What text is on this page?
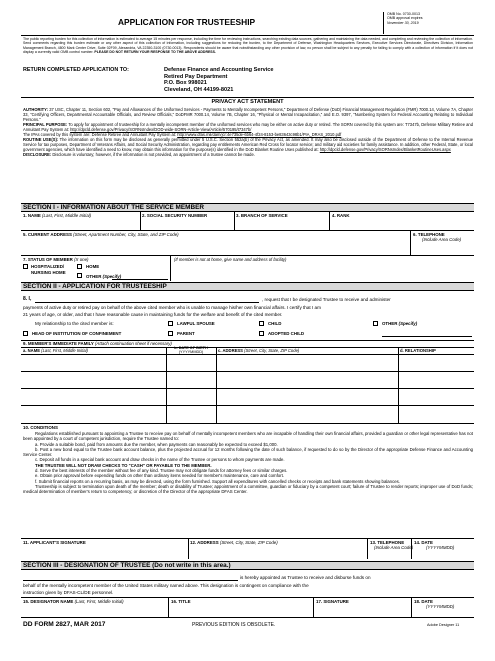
APPLICATION FOR TRUSTEESHIP
OMB No. 0730-0013
OMB approval expires
November 30, 2019
The public reporting burden for this collection of information is estimated to average 15 minutes per response, including the time for reviewing instructions, searching existing data sources, gathering and maintaining the data needed, and completing and reviewing the collection of information. Send comments regarding this burden estimate or any other aspect of this collection of information, including suggestions for reducing the burden, to the Department of Defense, Washington Headquarters Services, Executive Services Directorate, Directives Division, Information Management Branch, 4800 Mark Center Drive, Suite 02F09, Alexandria, VA 22350-3100 (0730-0013). Respondents should be aware that notwithstanding any other provision of law, no person shall be subject to any penalty for failing to comply with a collection of information if it does not display a currently valid OMB control number. PLEASE DO NOT RETURN YOUR RESPONSE TO THE ABOVE ADDRESS.
RETURN COMPLETED APPLICATION TO:	Defense Finance and Accounting Service
Retired Pay Department
P.O. Box 998021
Cleveland, OH 44199-8021
PRIVACY ACT STATEMENT
AUTHORITY: 37 USC, Chapter 11, Section 602, "Pay and Allowances of the Uniformed Services - Payments to Mentally Incompetent Persons," Department of Defense (DoD) Financial Management Regulation (FMR) 7000.14, Volume 7A, Chapter 33, "Certifying Officers, Departmental Accountable Officials, and Review Officials," DoDFMR 7000.14, Volume 7B, Chapter 16, "Physical or Mental Incapacitation," and E.O. 9397, "Numbering System for Federal Accounting Relating to Individual Persons."
PRINCIPAL PURPOSE: To apply for appointment of trusteeship for a mentally incompetent member of the uniformed services who may be either on active duty or retired. The SORN covered by this system are: T7347b, Defense Military Retiree and Annuitant Pay System at: http://dpcld.defense.gov/Privacy/SORNsIndex/DOD-wide-SORN-Article-View/Article/570195/t7347b/
The IPAs covered by this system are: Defense Retiree and Annuitant Pay System at: http://www.dfas.mil/dam/jcr:4e735de-6b64-4f24-8153-be83643c98b1/PIA_DRAS_2010.pdf
ROUTINE USE(S): The information on this form may be disclosed as generally permitted under 5 U.S.C. Section 552a(b) of the Privacy Act, as amended. It may also be disclosed outside of the Department of Defense to the Internal Revenue Service for tax purposes, Department of Veterans Affairs, and Social Security Administration, regarding pay entitlements American Red Cross for locator service; and military aid societies for family assistance. In addition, other Federal, State, or local government agencies, which have identified a need to know, may obtain this information for the purpose(s) identified in the DoD Blanket Routine Uses published at: http://dpcld.defense.gov/Privacy/SORNsIndex/BlanketRoutineUses.aspx
DISCLOSURE: Disclosure is voluntary; however, if the information is not provided, an appointment of a trustee cannot be made.
SECTION I - INFORMATION ABOUT THE SERVICE MEMBER
1. NAME (Last, First, Middle Initial)	2. SOCIAL SECURITY NUMBER	3. BRANCH OF SERVICE	4. RANK
5. CURRENT ADDRESS (Street, Apartment Number, City, State, and ZIP Code)	6. TELEPHONE
(Include Area Code)
7. STATUS OF MEMBER (X one)	(If member is not at home, give name and address of facility)
HOSPITALIZED/
NURSING HOME
HOME
OTHER (Specify)
SECTION II - APPLICATION FOR TRUSTEESHIP
8. I,	, request that I be designated Trustee to receive and administer
payments of active duty or retired pay on behalf of the above cited member who is unable to manage his/her own financial affairs. I certify that I am
21 years of age, or older, and that I have reasonable cause in maintaining funds for the welfare and benefit of the cited member.
My relationship to the cited member is:	LAWFUL SPOUSE	CHILD	OTHER (Specify)
HEAD OF INSTITUTION OF CONFINEMENT	PARENT	ADOPTED CHILD
9. MEMBER'S IMMEDIATE FAMILY (Attach continuation sheet if necessary)
a. NAME (Last, First, Middle Initial)	b. DATE OF BIRTH
(YYYYMMDD)	c. ADDRESS (Street, City, State, ZIP Code)	d. RELATIONSHIP
10. CONDITIONS
Regulations established pursuant to appointing a Trustee to receive pay on behalf of mentally incompetent members who are incapable of handling their own financial affairs, provided a guardian or other legal representative has not been appointed by a court of competent jurisdiction, require the Trustee named to:
a. Provide a suitable bond, paid from amounts due the member, when payments can reasonably be expected to exceed $1,000.
b. Post a new bond equal to the Trustee bank account balance, plus the projected accrual for 12 months following the date of such balance, if requested to do so by the Director of the appropriate Defense Finance and Accounting Service Center.
c. Deposit all funds in a special bank account and draw checks in the name of the Trustee or persons to whom payments are made.
THE TRUSTEE WILL NOT DRAW CHECKS TO "CASH" OR PAYABLE TO THE MEMBER.
d. Serve the best interests of the member without fee of any kind. Trustee may not obligate funds for attorney fees or similar charges.
e. Obtain prior approval before expending funds on other than ordinary items needed for member's maintenance, care and comfort.
f. Submit financial reports on a recurring basis, as may be directed, using the form furnished. Support all expenditures with cancelled checks or receipts and bank statements showing balances.
Trusteeship is subject to termination upon death of the member; death or disability of Trustee; appointment of a committee, guardian or fiduciary by a competent court; failure of Trustee to render reports; improper use of DoD funds; medical determination of member's return to competency; or discretion of the Director of the appropriate DFAS Center.
11. APPLICANT'S SIGNATURE	12. ADDRESS (Street, City, State, ZIP Code)	13. TELEPHONE
(Include Area Code)
14. DATE
(YYYYMMDD)
SECTION III - DESIGNATION OF TRUSTEE (Do not write in this area.)
is hereby appointed as Trustee to receive and disburse funds on
behalf of the mentally incompetent member of the United States military named above. This designation is contingent on compliance with the
instruction given by DFAS-CL/DE personnel.
15. DESIGNATOR NAME (Last, First, Middle Initial)	16. TITLE	17. SIGNATURE	18. DATE
(YYYYMMDD)
DD FORM 2827, MAR 2017	PREVIOUS EDITION IS OBSOLETE.	Adobe Designer 11
